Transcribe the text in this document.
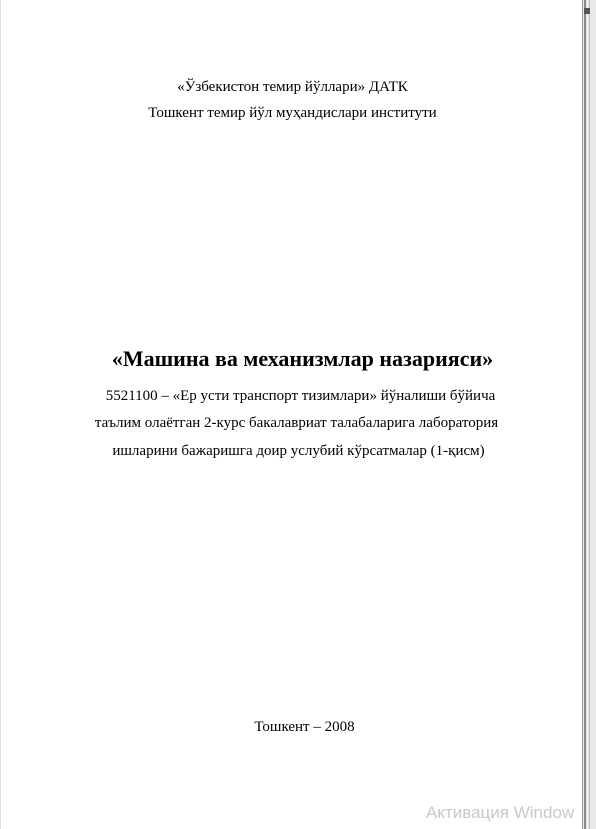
«Ўзбекистон темир йўллари» ДАТК
Тошкент темир йўл муҳандислари институти
«Машина ва механизмлар назарияси»
5521100 – «Ер усти транспорт тизимлари» йўналиши бўйича
таълим олаётган 2-курс бакалавриат талабаларига лаборатория
ишларини бажаришга доир услубий кўрсатмалар (1-қисм)
Тошкент – 2008
Активация Window
